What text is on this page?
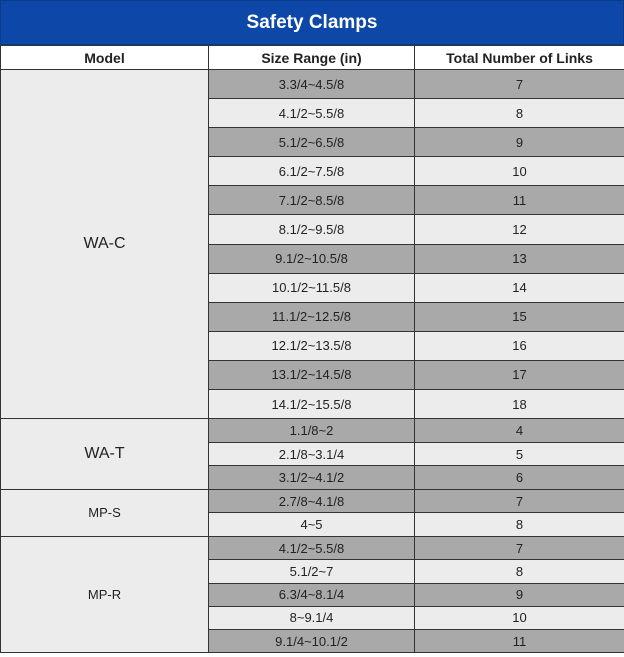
Safety Clamps
Model	Size Range (in)	Total Number of Links
WA-C	3.3/4~4.5/8	7
	4.1/2~5.5/8	8
	5.1/2~6.5/8	9
	6.1/2~7.5/8	10
	7.1/2~8.5/8	11
	8.1/2~9.5/8	12
	9.1/2~10.5/8	13
	10.1/2~11.5/8	14
	11.1/2~12.5/8	15
	12.1/2~13.5/8	16
	13.1/2~14.5/8	17
	14.1/2~15.5/8	18
WA-T	1.1/8~2	4
	2.1/8~3.1/4	5
	3.1/2~4.1/2	6
MP-S	2.7/8~4.1/8	7
	4~5	8
MP-R	4.1/2~5.5/8	7
	5.1/2~7	8
	6.3/4~8.1/4	9
	8~9.1/4	10
	9.1/4~10.1/2	11
